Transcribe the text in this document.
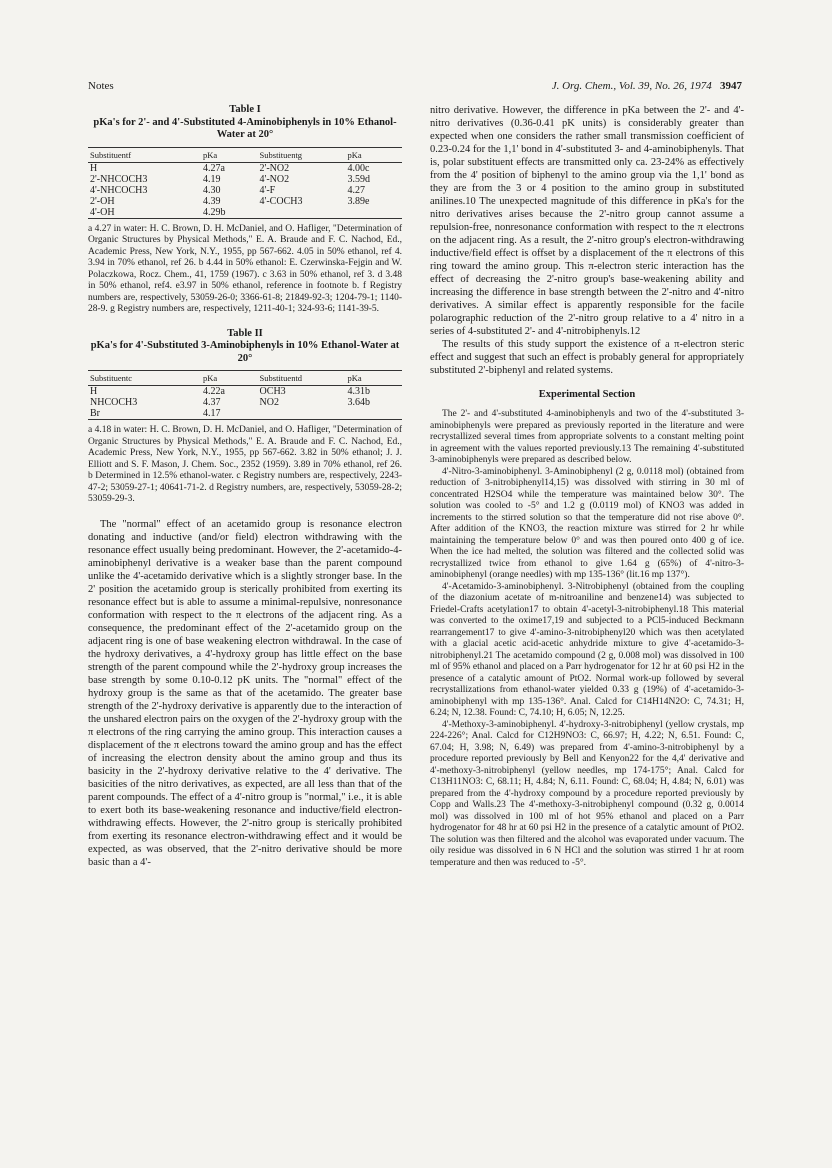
Notes	J. Org. Chem., Vol. 39, No. 26, 1974 3947

Table I

pKa's for 2'- and 4'-Substituted 4-Aminobiphenyls in 10% Ethanol-Water at 20°

Substituentf	pKa	Substituentg	pKa
H	4.27a	2'-NO2	4.00c
2'-NHCOCH3	4.19	4'-NO2	3.59d
4'-NHCOCH3	4.30	4'-F	4.27
2'-OH	4.39	4'-COCH3	3.89e
4'-OH	4.29b		

a 4.27 in water: H. C. Brown, D. H. McDaniel, and O. Hafliger, "Determination of Organic Structures by Physical Methods," E. A. Braude and F. C. Nachod, Ed., Academic Press, New York, N.Y., 1955, pp 567-662. 4.05 in 50% ethanol, ref 4. 3.94 in 70% ethanol, ref 26. b 4.44 in 50% ethanol: E. Czerwinska-Fejgin and W. Polaczkowa, Rocz. Chem., 41, 1759 (1967). c 3.63 in 50% ethanol, ref 3. d 3.48 in 50% ethanol, ref4. e3.97 in 50% ethanol, reference in footnote b. f Registry numbers are, respectively, 53059-26-0; 3366-61-8; 21849-92-3; 1204-79-1; 1140-28-9. g Registry numbers are, respectively, 1211-40-1; 324-93-6; 1141-39-5.

Table II

pKa's for 4'-Substituted 3-Aminobiphenyls in 10% Ethanol-Water at 20°

Substituentc	pKa	Substituentd	pKa
H	4.22a	OCH3	4.31b
NHCOCH3	4.37	NO2	3.64b
Br	4.17		

a 4.18 in water: H. C. Brown, D. H. McDaniel, and O. Hafliger, "Determination of Organic Structures by Physical Methods," E. A. Braude and F. C. Nachod, Ed., Academic Press, New York, N.Y., 1955, pp 567-662. 3.82 in 50% ethanol; J. J. Elliott and S. F. Mason, J. Chem. Soc., 2352 (1959). 3.89 in 70% ethanol, ref 26. b Determined in 12.5% ethanol-water. c Registry numbers are, respectively, 2243-47-2; 53059-27-1; 40641-71-2. d Registry numbers, are, respectively, 53059-28-2; 53059-29-3.

The "normal" effect of an acetamido group is resonance electron donating and inductive (and/or field) electron withdrawing with the resonance effect usually being predominant. However, the 2'-acetamido-4-aminobiphenyl derivative is a weaker base than the parent compound unlike the 4'-acetamido derivative which is a slightly stronger base. In the 2' position the acetamido group is sterically prohibited from exerting its resonance effect but is able to assume a minimal-repulsive, nonresonance conformation with respect to the π electrons of the adjacent ring. As a consequence, the predominant effect of the 2'-acetamido group on the adjacent ring is one of base weakening electron withdrawal. In the case of the hydroxy derivatives, a 4'-hydroxy group has little effect on the base strength of the parent compound while the 2'-hydroxy group increases the base strength by some 0.10-0.12 pK units. The "normal" effect of the hydroxy group is the same as that of the acetamido. The greater base strength of the 2'-hydroxy derivative is apparently due to the interaction of the unshared electron pairs on the oxygen of the 2'-hydroxy group with the π electrons of the ring carrying the amino group. This interaction causes a displacement of the π electrons toward the amino group and has the effect of increasing the electron density about the amino group and thus its basicity in the 2'-hydroxy derivative relative to the 4' derivative. The basicities of the nitro derivatives, as expected, are all less than that of the parent compounds. The effect of a 4'-nitro group is "normal," i.e., it is able to exert both its base-weakening resonance and inductive/field electron-withdrawing effects. However, the 2'-nitro group is sterically prohibited from exerting its resonance electron-withdrawing effect and it would be expected, as was observed, that the 2'-nitro derivative should be more basic than a 4'-

nitro derivative. However, the difference in pKa between the 2'- and 4'-nitro derivatives (0.36-0.41 pK units) is considerably greater than expected when one considers the rather small transmission coefficient of 0.23-0.24 for the 1,1' bond in 4'-substituted 3- and 4-aminobiphenyls. That is, polar substituent effects are transmitted only ca. 23-24% as effectively from the 4' position of biphenyl to the amino group via the 1,1' bond as they are from the 3 or 4 position to the amino group in substituted anilines.10 The unexpected magnitude of this difference in pKa's for the nitro derivatives arises because the 2'-nitro group cannot assume a repulsion-free, nonresonance conformation with respect to the π electrons on the adjacent ring. As a result, the 2'-nitro group's electron-withdrawing inductive/field effect is offset by a displacement of the π electrons of this ring toward the amino group. This π-electron steric interaction has the effect of decreasing the 2'-nitro group's base-weakening ability and increasing the difference in base strength between the 2'-nitro and 4'-nitro derivatives. A similar effect is apparently responsible for the facile polarographic reduction of the 2'-nitro group relative to a 4' nitro in a series of 4-substituted 2'- and 4'-nitrobiphenyls.12

The results of this study support the existence of a π-electron steric effect and suggest that such an effect is probably general for appropriately substituted 2'-biphenyl and related systems.

Experimental Section

The 2'- and 4'-substituted 4-aminobiphenyls and two of the 4'-substituted 3-aminobiphenyls were prepared as previously reported in the literature and were recrystallized several times from appropriate solvents to a constant melting point in agreement with the values reported previously.13 The remaining 4'-substituted 3-aminobiphenyls were prepared as described below.

4'-Nitro-3-aminobiphenyl. 3-Aminobiphenyl (2 g, 0.0118 mol) (obtained from reduction of 3-nitrobiphenyl14,15) was dissolved with stirring in 30 ml of concentrated H2SO4 while the temperature was maintained below 30°. The solution was cooled to -5° and 1.2 g (0.0119 mol) of KNO3 was added in increments to the stirred solution so that the temperature did not rise above 0°. After addition of the KNO3, the reaction mixture was stirred for 2 hr while maintaining the temperature below 0° and was then poured onto 400 g of ice. When the ice had melted, the solution was filtered and the collected solid was recrystallized twice from ethanol to give 1.64 g (65%) of 4'-nitro-3-aminobiphenyl (orange needles) with mp 135-136° (lit.16 mp 137°).

4'-Acetamido-3-aminobiphenyl. 3-Nitrobiphenyl (obtained from the coupling of the diazonium acetate of m-nitroaniline and benzene14) was subjected to Friedel-Crafts acetylation17 to obtain 4'-acetyl-3-nitrobiphenyl.18 This material was converted to the oxime17,19 and subjected to a PCl5-induced Beckmann rearrangement17 to give 4'-amino-3-nitrobiphenyl20 which was then acetylated with a glacial acetic acid-acetic anhydride mixture to give 4'-acetamido-3-nitrobiphenyl.21 The acetamido compound (2 g, 0.008 mol) was dissolved in 100 ml of 95% ethanol and placed on a Parr hydrogenator for 12 hr at 60 psi H2 in the presence of a catalytic amount of PtO2. Normal work-up followed by several recrystallizations from ethanol-water yielded 0.33 g (19%) of 4'-acetamido-3-aminobiphenyl with mp 135-136°. Anal. Calcd for C14H14N2O: C, 74.31; H, 6.24; N, 12.38. Found: C, 74.10; H, 6.05; N, 12.25.

4'-Methoxy-3-aminobiphenyl. 4'-hydroxy-3-nitrobiphenyl (yellow crystals, mp 224-226°; Anal. Calcd for C12H9NO3: C, 66.97; H, 4.22; N, 6.51. Found: C, 67.04; H, 3.98; N, 6.49) was prepared from 4'-amino-3-nitrobiphenyl by a procedure reported previously by Bell and Kenyon22 for the 4,4' derivative and 4'-methoxy-3-nitrobiphenyl (yellow needles, mp 174-175°; Anal. Calcd for C13H11NO3: C, 68.11; H, 4.84; N, 6.11. Found: C, 68.04; H, 4.84; N, 6.01) was prepared from the 4'-hydroxy compound by a procedure reported previously by Copp and Walls.23 The 4'-methoxy-3-nitrobiphenyl compound (0.32 g, 0.0014 mol) was dissolved in 100 ml of hot 95% ethanol and placed on a Parr hydrogenator for 48 hr at 60 psi H2 in the presence of a catalytic amount of PtO2. The solution was then filtered and the alcohol was evaporated under vacuum. The oily residue was dissolved in 6 N HCl and the solution was stirred 1 hr at room temperature and then was reduced to -5°.
